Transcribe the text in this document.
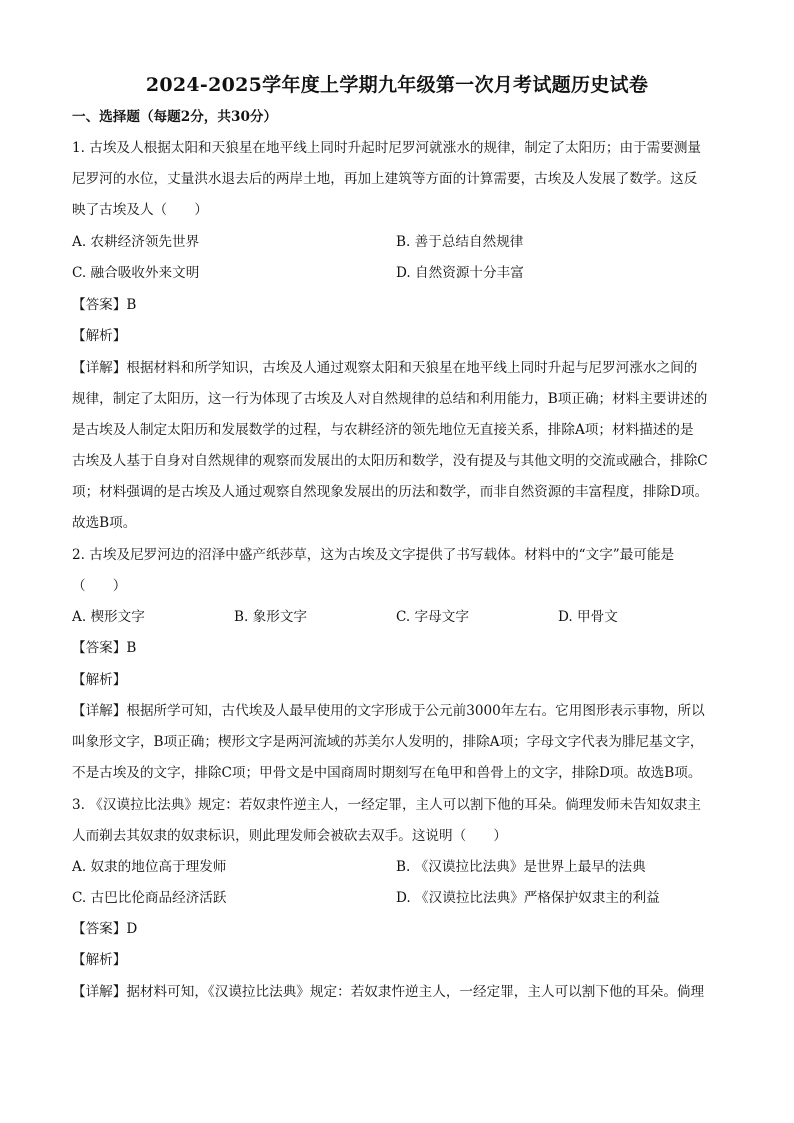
2024-2025学年度上学期九年级第一次月考试题历史试卷
一、选择题（每题2分，共30分）
1. 古埃及人根据太阳和天狼星在地平线上同时升起时尼罗河就涨水的规律，制定了太阳历；由于需要测量
尼罗河的水位，丈量洪水退去后的两岸土地，再加上建筑等方面的计算需要，古埃及人发展了数学。这反
映了古埃及人（　　）
A. 农耕经济领先世界	B. 善于总结自然规律
C. 融合吸收外来文明	D. 自然资源十分丰富
【答案】B
【解析】
【详解】根据材料和所学知识，古埃及人通过观察太阳和天狼星在地平线上同时升起与尼罗河涨水之间的
规律，制定了太阳历，这一行为体现了古埃及人对自然规律的总结和利用能力，B项正确；材料主要讲述的
是古埃及人制定太阳历和发展数学的过程，与农耕经济的领先地位无直接关系，排除A项；材料描述的是
古埃及人基于自身对自然规律的观察而发展出的太阳历和数学，没有提及与其他文明的交流或融合，排除C
项；材料强调的是古埃及人通过观察自然现象发展出的历法和数学，而非自然资源的丰富程度，排除D项。
故选B项。
2. 古埃及尼罗河边的沼泽中盛产纸莎草，这为古埃及文字提供了书写载体。材料中的“文字”最可能是
（　　）
A. 楔形文字	B. 象形文字	C. 字母文字	D. 甲骨文
【答案】B
【解析】
【详解】根据所学可知，古代埃及人最早使用的文字形成于公元前3000年左右。它用图形表示事物，所以
叫象形文字，B项正确；楔形文字是两河流域的苏美尔人发明的，排除A项；字母文字代表为腓尼基文字，
不是古埃及的文字，排除C项；甲骨文是中国商周时期刻写在龟甲和兽骨上的文字，排除D项。故选B项。
3. 《汉谟拉比法典》规定：若奴隶忤逆主人，一经定罪，主人可以割下他的耳朵。倘理发师未告知奴隶主
人而剃去其奴隶的奴隶标识，则此理发师会被砍去双手。这说明（　　）
A. 奴隶的地位高于理发师	B. 《汉谟拉比法典》是世界上最早的法典
C. 古巴比伦商品经济活跃	D. 《汉谟拉比法典》严格保护奴隶主的利益
【答案】D
【解析】
【详解】据材料可知，《汉谟拉比法典》规定：若奴隶忤逆主人，一经定罪，主人可以割下他的耳朵。倘理
